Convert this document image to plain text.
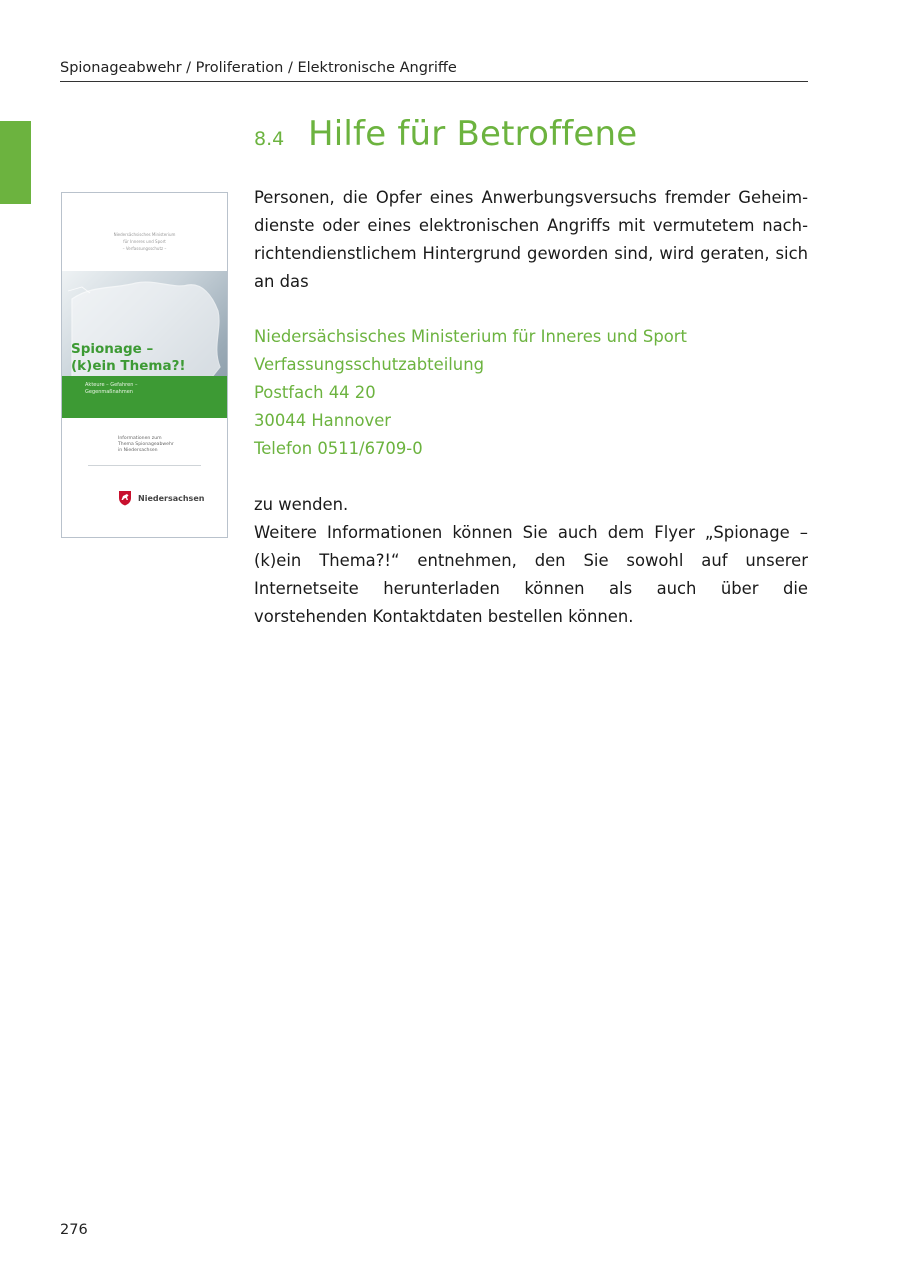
Spionageabwehr / Proliferation / Elektronische Angriffe
8.4 Hilfe für Betroffene
Niedersächsisches Ministerium
für Inneres und Sport
– Verfassungsschutz –
Spionage –
(k)ein Thema?!
Akteure – Gefahren –
Gegenmaßnahmen
Informationen zum
Thema Spionageabwehr
in Niedersachsen
Niedersachsen

Personen, die Opfer eines Anwerbungsversuchs fremder Geheimdienste oder eines elektronischen Angriffs mit vermutetem nachrichtendienstlichem Hintergrund geworden sind, wird geraten, sich an das

Niedersächsisches Ministerium für Inneres und Sport
Verfassungsschutzabteilung
Postfach 44 20
30044 Hannover
Telefon 0511/6709-0
zu wenden.
Weitere Informationen können Sie auch dem Flyer „Spionage – (k)ein Thema?!“ entnehmen, den Sie sowohl auf unserer Internetseite herunterladen können als auch über die vorstehenden Kontaktdaten bestellen können.
276
